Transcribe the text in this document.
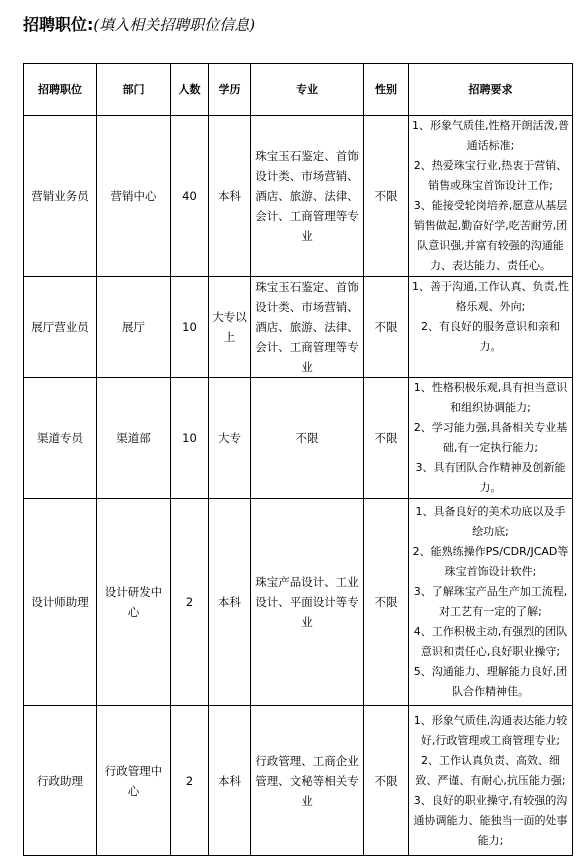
招聘职位:(填入相关招聘职位信息)
招聘职位	部门	人数	学历	专业	性别	招聘要求
营销业务员	营销中心	40	本科	珠宝玉石鉴定、首饰设计类、市场营销、酒店、旅游、法律、会计、工商管理等专业	不限	1、形象气质佳,性格开朗活泼,普通话标准;
2、热爱珠宝行业,热衷于营销、销售或珠宝首饰设计工作;
3、能接受轮岗培养,愿意从基层销售做起,勤奋好学,吃苦耐劳,团队意识强,并富有较强的沟通能力、表达能力、责任心。

展厅营业员	展厅	10	大专以上	珠宝玉石鉴定、首饰设计类、市场营销、酒店、旅游、法律、会计、工商管理等专业	不限	1、善于沟通,工作认真、负责,性格乐观、外向;
2、有良好的服务意识和亲和力。

渠道专员	渠道部	10	大专	不限	不限	1、性格积极乐观,具有担当意识和组织协调能力;
2、学习能力强,具备相关专业基础,有一定执行能力;
3、具有团队合作精神及创新能力。

设计师助理	设计研发中心	2	本科	珠宝产品设计、工业设计、平面设计等专业	不限	1、具备良好的美术功底以及手绘功底;
2、能熟练操作PS/CDR/JCAD等珠宝首饰设计软件;
3、了解珠宝产品生产加工流程,对工艺有一定的了解;
4、工作积极主动,有强烈的团队意识和责任心,良好职业操守;
5、沟通能力、理解能力良好,团队合作精神佳。

行政助理	行政管理中心	2	本科	行政管理、工商企业管理、文秘等相关专业	不限	1、形象气质佳,沟通表达能力较好,行政管理或工商管理专业;
2、工作认真负责、高效、细致、严谨、有耐心,抗压能力强;
3、良好的职业操守,有较强的沟通协调能力、能独当一面的处事能力;
